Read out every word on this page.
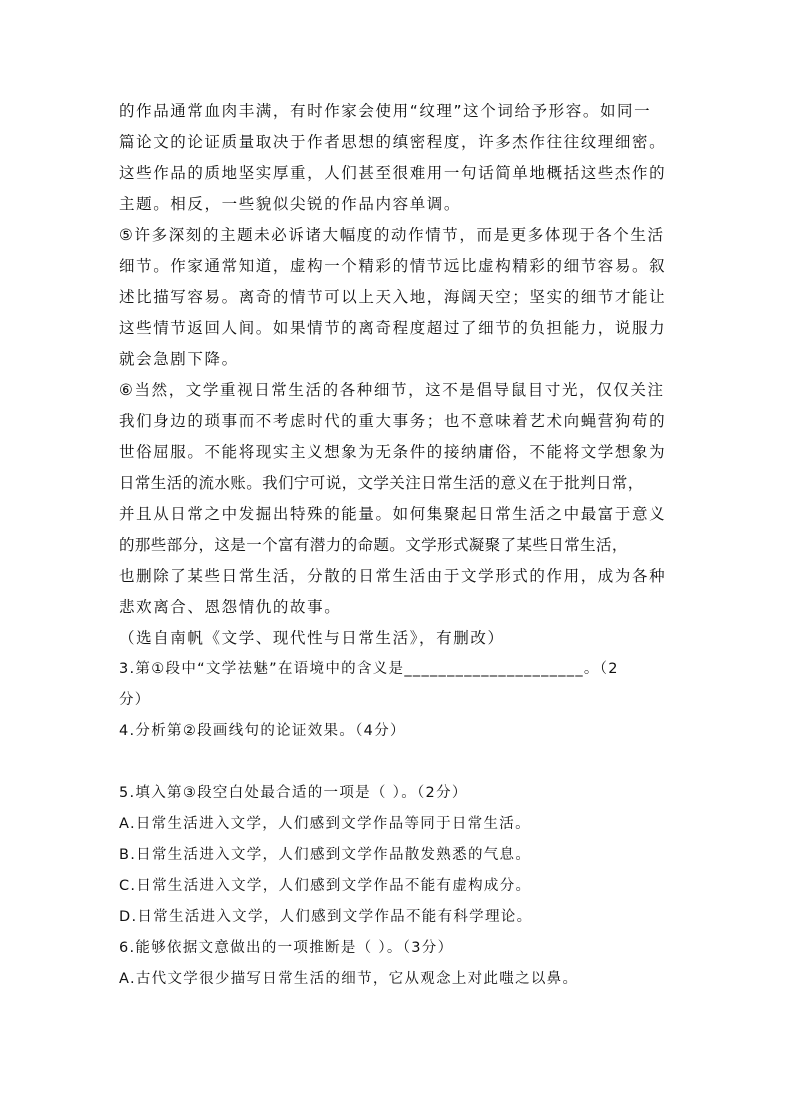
的作品通常血肉丰满，有时作家会使用“纹理”这个词给予形容。如同一
篇论文的论证质量取决于作者思想的缜密程度，许多杰作往往纹理细密。
这些作品的质地坚实厚重，人们甚至很难用一句话简单地概括这些杰作的
主题。相反，一些貌似尖锐的作品内容单调。
⑤许多深刻的主题未必诉诸大幅度的动作情节，而是更多体现于各个生活
细节。作家通常知道，虚构一个精彩的情节远比虚构精彩的细节容易。叙
述比描写容易。离奇的情节可以上天入地，海阔天空；坚实的细节才能让
这些情节返回人间。如果情节的离奇程度超过了细节的负担能力，说服力
就会急剧下降。
⑥当然，文学重视日常生活的各种细节，这不是倡导鼠目寸光，仅仅关注
我们身边的琐事而不考虑时代的重大事务；也不意味着艺术向蝇营狗苟的
世俗屈服。不能将现实主义想象为无条件的接纳庸俗，不能将文学想象为
日常生活的流水账。我们宁可说，文学关注日常生活的意义在于批判日常，
并且从日常之中发掘出特殊的能量。如何集聚起日常生活之中最富于意义
的那些部分，这是一个富有潜力的命题。文学形式凝聚了某些日常生活，
也删除了某些日常生活，分散的日常生活由于文学形式的作用，成为各种
悲欢离合、恩怨情仇的故事。
（选自南帆《文学、现代性与日常生活》，有删改）
3.第①段中“文学祛魅”在语境中的含义是_____________________。（2
分）
4.分析第②段画线句的论证效果。（4分）
5.填入第③段空白处最合适的一项是（ ）。（2分）
A.日常生活进入文学，人们感到文学作品等同于日常生活。
B.日常生活进入文学，人们感到文学作品散发熟悉的气息。
C.日常生活进入文学，人们感到文学作品不能有虚构成分。
D.日常生活进入文学，人们感到文学作品不能有科学理论。
6.能够依据文意做出的一项推断是（ ）。（3分）
A.古代文学很少描写日常生活的细节，它从观念上对此嗤之以鼻。
